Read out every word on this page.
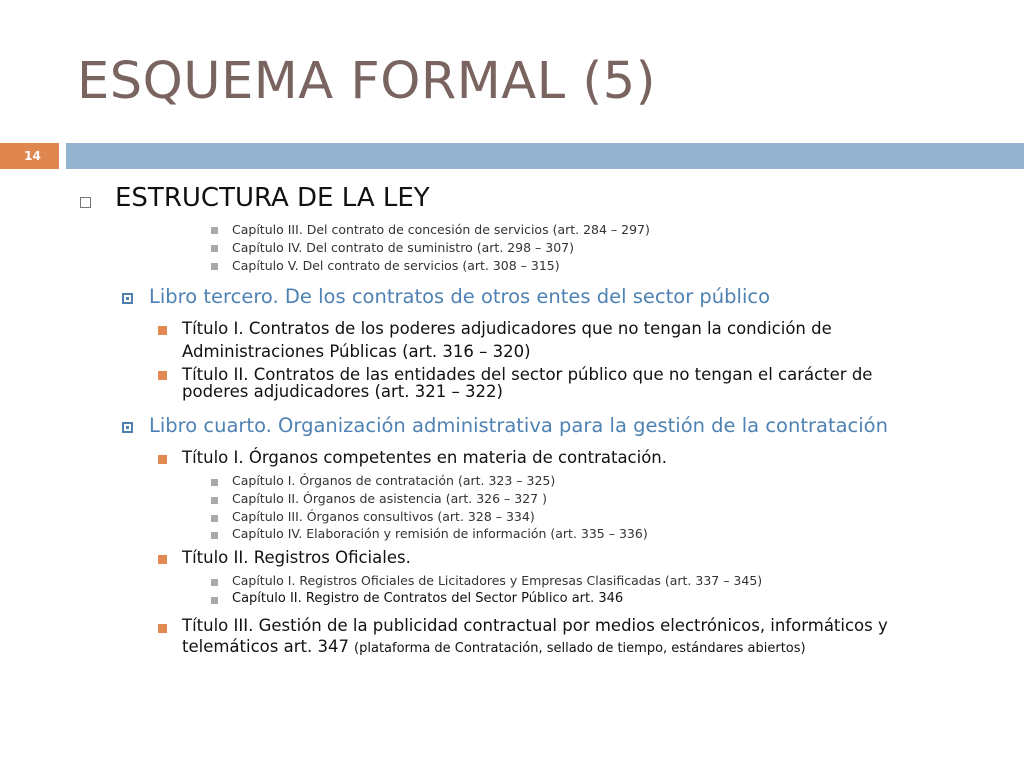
ESQUEMA FORMAL (5)
14
ESTRUCTURA DE LA LEY
Capítulo III. Del contrato de concesión de servicios (art. 284 – 297)
Capítulo IV. Del contrato de suministro (art. 298 – 307)
Capítulo V. Del contrato de servicios (art. 308 – 315)
Libro tercero. De los contratos de otros entes del sector público
Título I. Contratos de los poderes adjudicadores que no tengan la condición de
Administraciones Públicas (art. 316 – 320)
Título II. Contratos de las entidades del sector público que no tengan el carácter de
poderes adjudicadores (art. 321 – 322)
Libro cuarto. Organización administrativa para la gestión de la contratación
Título I. Órganos competentes en materia de contratación.
Capítulo I. Órganos de contratación (art. 323 – 325)
Capítulo II. Órganos de asistencia (art. 326 – 327 )
Capítulo III. Órganos consultivos (art. 328 – 334)
Capítulo IV. Elaboración y remisión de información (art. 335 – 336)
Título II. Registros Oficiales.
Capítulo I. Registros Oficiales de Licitadores y Empresas Clasificadas (art. 337 – 345)
Capítulo II. Registro de Contratos del Sector Público art. 346
Título III. Gestión de la publicidad contractual por medios electrónicos, informáticos y
telemáticos art. 347 (plataforma de Contratación, sellado de tiempo, estándares abiertos)
